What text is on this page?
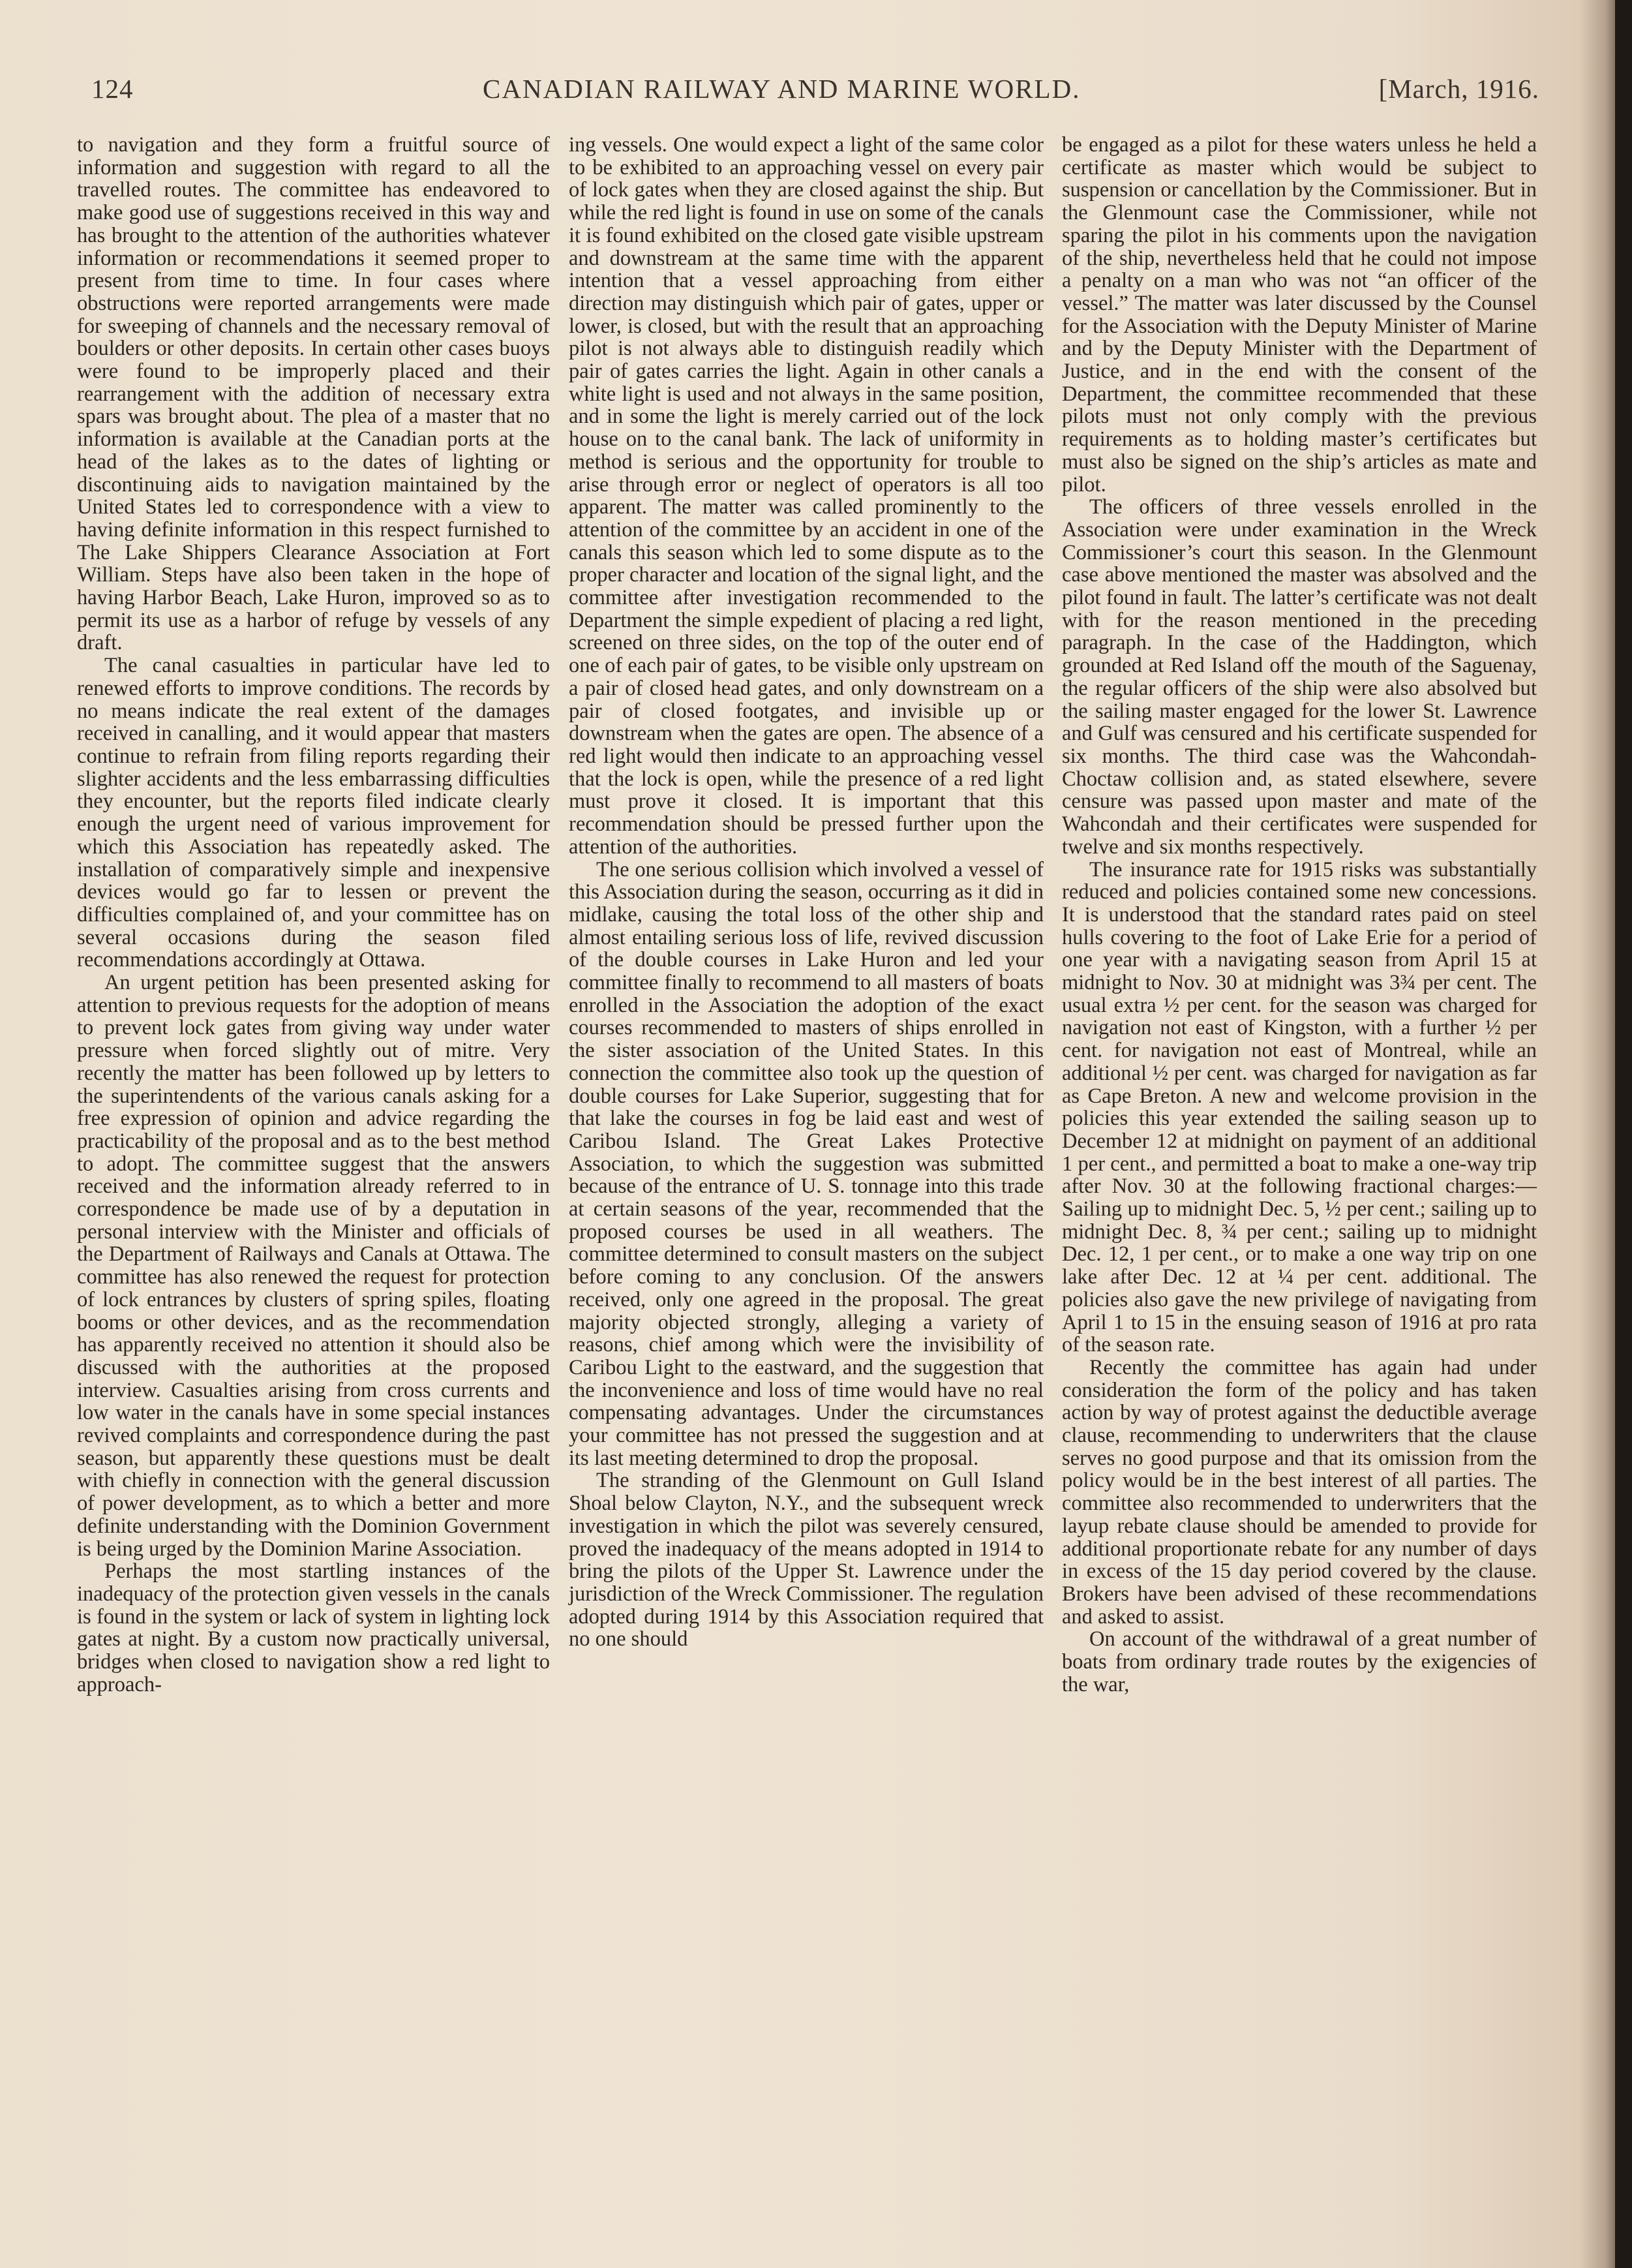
124	CANADIAN RAILWAY AND MARINE WORLD.	[March, 1916.

to navigation and they form a fruitful source of information and suggestion with regard to all the travelled routes. The committee has endeavored to make good use of suggestions received in this way and has brought to the attention of the authorities whatever information or recommendations it seemed proper to present from time to time. In four cases where obstructions were reported arrangements were made for sweeping of channels and the necessary removal of boulders or other deposits. In certain other cases buoys were found to be improperly placed and their rearrangement with the addition of necessary extra spars was brought about. The plea of a master that no information is available at the Canadian ports at the head of the lakes as to the dates of lighting or discontinuing aids to navigation maintained by the United States led to correspondence with a view to having definite information in this respect furnished to The Lake Shippers Clearance Association at Fort William. Steps have also been taken in the hope of having Harbor Beach, Lake Huron, improved so as to permit its use as a harbor of refuge by vessels of any draft.

The canal casualties in particular have led to renewed efforts to improve conditions. The records by no means indicate the real extent of the damages received in canalling, and it would appear that masters continue to refrain from filing reports regarding their slighter accidents and the less embarrassing difficulties they encounter, but the reports filed indicate clearly enough the urgent need of various improvement for which this Association has repeatedly asked. The installation of comparatively simple and inexpensive devices would go far to lessen or prevent the difficulties complained of, and your committee has on several occasions during the season filed recommendations accordingly at Ottawa.

An urgent petition has been presented asking for attention to previous requests for the adoption of means to prevent lock gates from giving way under water pressure when forced slightly out of mitre. Very recently the matter has been followed up by letters to the superintendents of the various canals asking for a free expression of opinion and advice regarding the practicability of the proposal and as to the best method to adopt. The committee suggest that the answers received and the information already referred to in correspondence be made use of by a deputation in personal interview with the Minister and officials of the Department of Railways and Canals at Ottawa. The committee has also renewed the request for protection of lock entrances by clusters of spring spiles, floating booms or other devices, and as the recommendation has apparently received no attention it should also be discussed with the authorities at the proposed interview. Casualties arising from cross currents and low water in the canals have in some special instances revived complaints and correspondence during the past season, but apparently these questions must be dealt with chiefly in connection with the general discussion of power development, as to which a better and more definite understanding with the Dominion Government is being urged by the Dominion Marine Association.

Perhaps the most startling instances of the inadequacy of the protection given vessels in the canals is found in the system or lack of system in lighting lock gates at night. By a custom now practically universal, bridges when closed to navigation show a red light to approach-

ing vessels. One would expect a light of the same color to be exhibited to an approaching vessel on every pair of lock gates when they are closed against the ship. But while the red light is found in use on some of the canals it is found exhibited on the closed gate visible upstream and downstream at the same time with the apparent intention that a vessel approaching from either direction may distinguish which pair of gates, upper or lower, is closed, but with the result that an approaching pilot is not always able to distinguish readily which pair of gates carries the light. Again in other canals a white light is used and not always in the same position, and in some the light is merely carried out of the lock house on to the canal bank. The lack of uniformity in method is serious and the opportunity for trouble to arise through error or neglect of operators is all too apparent. The matter was called prominently to the attention of the committee by an accident in one of the canals this season which led to some dispute as to the proper character and location of the signal light, and the committee after investigation recommended to the Department the simple expedient of placing a red light, screened on three sides, on the top of the outer end of one of each pair of gates, to be visible only upstream on a pair of closed head gates, and only downstream on a pair of closed footgates, and invisible up or downstream when the gates are open. The absence of a red light would then indicate to an approaching vessel that the lock is open, while the presence of a red light must prove it closed. It is important that this recommendation should be pressed further upon the attention of the authorities.

The one serious collision which involved a vessel of this Association during the season, occurring as it did in midlake, causing the total loss of the other ship and almost entailing serious loss of life, revived discussion of the double courses in Lake Huron and led your committee finally to recommend to all masters of boats enrolled in the Association the adoption of the exact courses recommended to masters of ships enrolled in the sister association of the United States. In this connection the committee also took up the question of double courses for Lake Superior, suggesting that for that lake the courses in fog be laid east and west of Caribou Island. The Great Lakes Protective Association, to which the suggestion was submitted because of the entrance of U. S. tonnage into this trade at certain seasons of the year, recommended that the proposed courses be used in all weathers. The committee determined to consult masters on the subject before coming to any conclusion. Of the answers received, only one agreed in the proposal. The great majority objected strongly, alleging a variety of reasons, chief among which were the invisibility of Caribou Light to the eastward, and the suggestion that the inconvenience and loss of time would have no real compensating advantages. Under the circumstances your committee has not pressed the suggestion and at its last meeting determined to drop the proposal.

The stranding of the Glenmount on Gull Island Shoal below Clayton, N.Y., and the subsequent wreck investigation in which the pilot was severely censured, proved the inadequacy of the means adopted in 1914 to bring the pilots of the Upper St. Lawrence under the jurisdiction of the Wreck Commissioner. The regulation adopted during 1914 by this Association required that no one should

be engaged as a pilot for these waters unless he held a certificate as master which would be subject to suspension or cancellation by the Commissioner. But in the Glenmount case the Commissioner, while not sparing the pilot in his comments upon the navigation of the ship, nevertheless held that he could not impose a penalty on a man who was not “an officer of the vessel.” The matter was later discussed by the Counsel for the Association with the Deputy Minister of Marine and by the Deputy Minister with the Department of Justice, and in the end with the consent of the Department, the committee recommended that these pilots must not only comply with the previous requirements as to holding master’s certificates but must also be signed on the ship’s articles as mate and pilot.

The officers of three vessels enrolled in the Association were under examination in the Wreck Commissioner’s court this season. In the Glenmount case above mentioned the master was absolved and the pilot found in fault. The latter’s certificate was not dealt with for the reason mentioned in the preceding paragraph. In the case of the Haddington, which grounded at Red Island off the mouth of the Saguenay, the regular officers of the ship were also absolved but the sailing master engaged for the lower St. Lawrence and Gulf was censured and his certificate suspended for six months. The third case was the Wahcondah-Choctaw collision and, as stated elsewhere, severe censure was passed upon master and mate of the Wahcondah and their certificates were suspended for twelve and six months respectively.

The insurance rate for 1915 risks was substantially reduced and policies contained some new concessions. It is understood that the standard rates paid on steel hulls covering to the foot of Lake Erie for a period of one year with a navigating season from April 15 at midnight to Nov. 30 at midnight was 3¾ per cent. The usual extra ½ per cent. for the season was charged for navigation not east of Kingston, with a further ½ per cent. for navigation not east of Montreal, while an additional ½ per cent. was charged for navigation as far as Cape Breton. A new and welcome provision in the policies this year extended the sailing season up to December 12 at midnight on payment of an additional 1 per cent., and permitted a boat to make a one-way trip after Nov. 30 at the following fractional charges:—Sailing up to midnight Dec. 5, ½ per cent.; sailing up to midnight Dec. 8, ¾ per cent.; sailing up to midnight Dec. 12, 1 per cent., or to make a one way trip on one lake after Dec. 12 at ¼ per cent. additional. The policies also gave the new privilege of navigating from April 1 to 15 in the ensuing season of 1916 at pro rata of the season rate.

Recently the committee has again had under consideration the form of the policy and has taken action by way of protest against the deductible average clause, recommending to underwriters that the clause serves no good purpose and that its omission from the policy would be in the best interest of all parties. The committee also recommended to underwriters that the layup rebate clause should be amended to provide for additional proportionate rebate for any number of days in excess of the 15 day period covered by the clause. Brokers have been advised of these recommendations and asked to assist.

On account of the withdrawal of a great number of boats from ordinary trade routes by the exigencies of the war,
